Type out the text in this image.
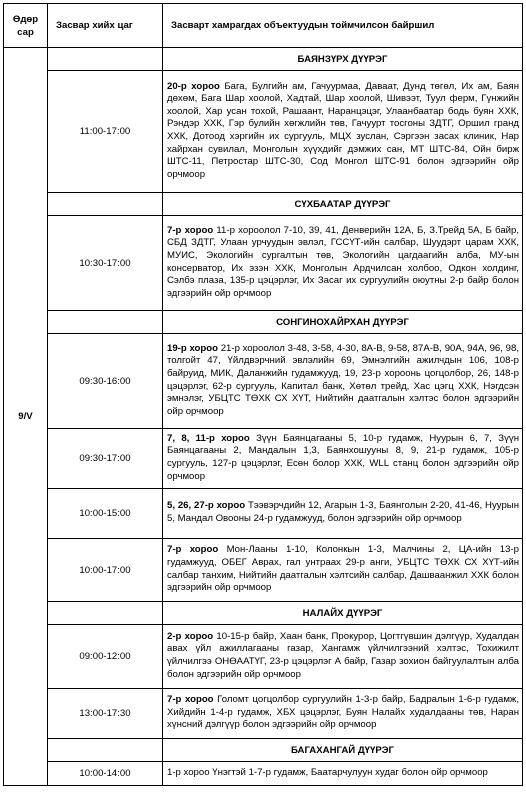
Өдөр сар	Засвар хийх цаг	Засварт хамрагдах объектуудын тоймчилсон байршил
9/V		БАЯНЗҮРХ ДҮҮРЭГ
	11:00-17:00	20-р хороо Бага, Булгийн ам, Гачуурмаа, Даваат, Дунд төгөл, Их ам, Баян дөхөм, Бага Шар хоолой, Хадтай, Шар хоолой, Шивээт, Туул ферм, Гүнжийн хоолой, Хар усан тохой, Рашаант, Наранцэцэг, Улаанбаатар бодь буян ХХК, Рэндэр ХХК, Гэр булийн хөгжлийн төв, Гачуурт тосгоны ЗДТГ, Оршил гранд ХХК, Дотоод хэргийн их сургууль, МЦХ зуслан, Сэргээн засах клиник, Нар хайрхан сувилал, Монголын хүүхдийг дэмжих сан, МТ ШТС-84, Ойн бирж ШТС-11, Петростар ШТС-30, Сод Монгол ШТС-91 болон эдгээрийн ойр орчмоор
		СҮХБААТАР ДҮҮРЭГ
	10:30-17:00	7-р хороо 11-р хороолол 7-10, 39, 41, Денверийн 12А, Б, З.Трейд 5А, Б байр, СБД ЗДТГ, Улаан урчуудын эвлэл, ГССҮТ-ийн салбар, Шуудэрт царам ХХК, МУИС, Экологийн сургалтын төв, Экологийн цагдаагийн алба, МУ-ын консерватор, Их эзэн ХХК, Монголын Ардчилсан холбоо, Одкон холдинг, Сэлбэ плаза, 135-р цэцэрлэг, Их Засаг их сургуулийн оюутны 2-р байр болон эдгээрийн ойр орчмоор
		СОНГИНОХАЙРХАН ДҮҮРЭГ
	09:30-16:00	19-р хороо 21-р хороолол 3-48, 3-58, 4-30, 8А-В, 9-58, 87А-В, 90А, 94А, 96, 98, толгойт 47, Үйлдвэрчний эвлэлийн 69, Эмнэлгийн ажилчдын 106, 108-р байруид, МИК, Даланжийн гудамжууд, 19, 23-р хороонь цогцолбор, 26, 148-р цэцэрлэг, 62-р сургууль, Капитал банк, Хөтөл трейд, Хас цэгц ХХК, Нэгдсэн эмнэлэг, УБЦТС ТӨХК СХ ХҮТ, Нийтийн даатгалын хэлтэс болон эдгээрийн ойр орчмоор
	09:30-17:00	7, 8, 11-р хороо Зүүн Баянцагааны 5, 10-р гудамж, Нуурын 6, 7, Зүүн Баянцагааны 2, Мандалын 1,3, Баянхошууны 8, 9, 21-р гудамж, 105-р сургууль, 127-р цэцэрлэг, Есөн болор ХХК, WLL станц болон эдгээрийн ойр орчмоор
	10:00-15:00	5, 26, 27-р хороо Тээвэрчдийн 12, Агарын 1-3, Баянголын 2-20, 41-46, Нуурын 5, Мандал Овооны 24-р гудамжууд, болон эдгээрийн ойр орчмоор
	10:00-17:00	7-р хороо Мон-Лааны 1-10, Колонкын 1-3, Малчины 2, ЦА-ийн 13-р гудамжууд, ОБЕГ Аврах, гал унтраах 29-р анги, УБЦТС ТӨХК СХ ХҮТ-ийн салбар танхим, Нийтийн даатгалын хэлтсийн салбар, Дашваанжил ХХК болон эдгээрийн ойр орчмоор
		НАЛАЙХ ДҮҮРЭГ
	09:00-12:00	2-р хороо 10-15-р байр, Хаан банк, Прокурор, Цогтгүвшин дэлгүүр, Худалдан авах үйл ажиллагааны газар, Хангамж үйлчилгээний хэлтэс, Тохижилт үйлчилгээ ОНӨААТҮГ, 23-р цэцэрлэг А байр, Газар зохион байгуулалтын алба болон эдгээрийн ойр орчмоор
	13:00-17:30	7-р хороо Голомт цогцолбор сургуулийн 1-3-р байр, Бадралын 1-6-р гудамж, Хийдийн 1-4-р гудамж, ХБХ цэцэрлэг, Буян Налайх худалдааны төв, Наран хүнсний дэлгүүр болон эдгээрийн ойр орчмоор
		БАГАХАНГАЙ ДҮҮРЭГ
	10:00-14:00	1-р хороо Үнэгтэй 1-7-р гудамж, Баатарчулуун худаг болон ойр орчмоор
